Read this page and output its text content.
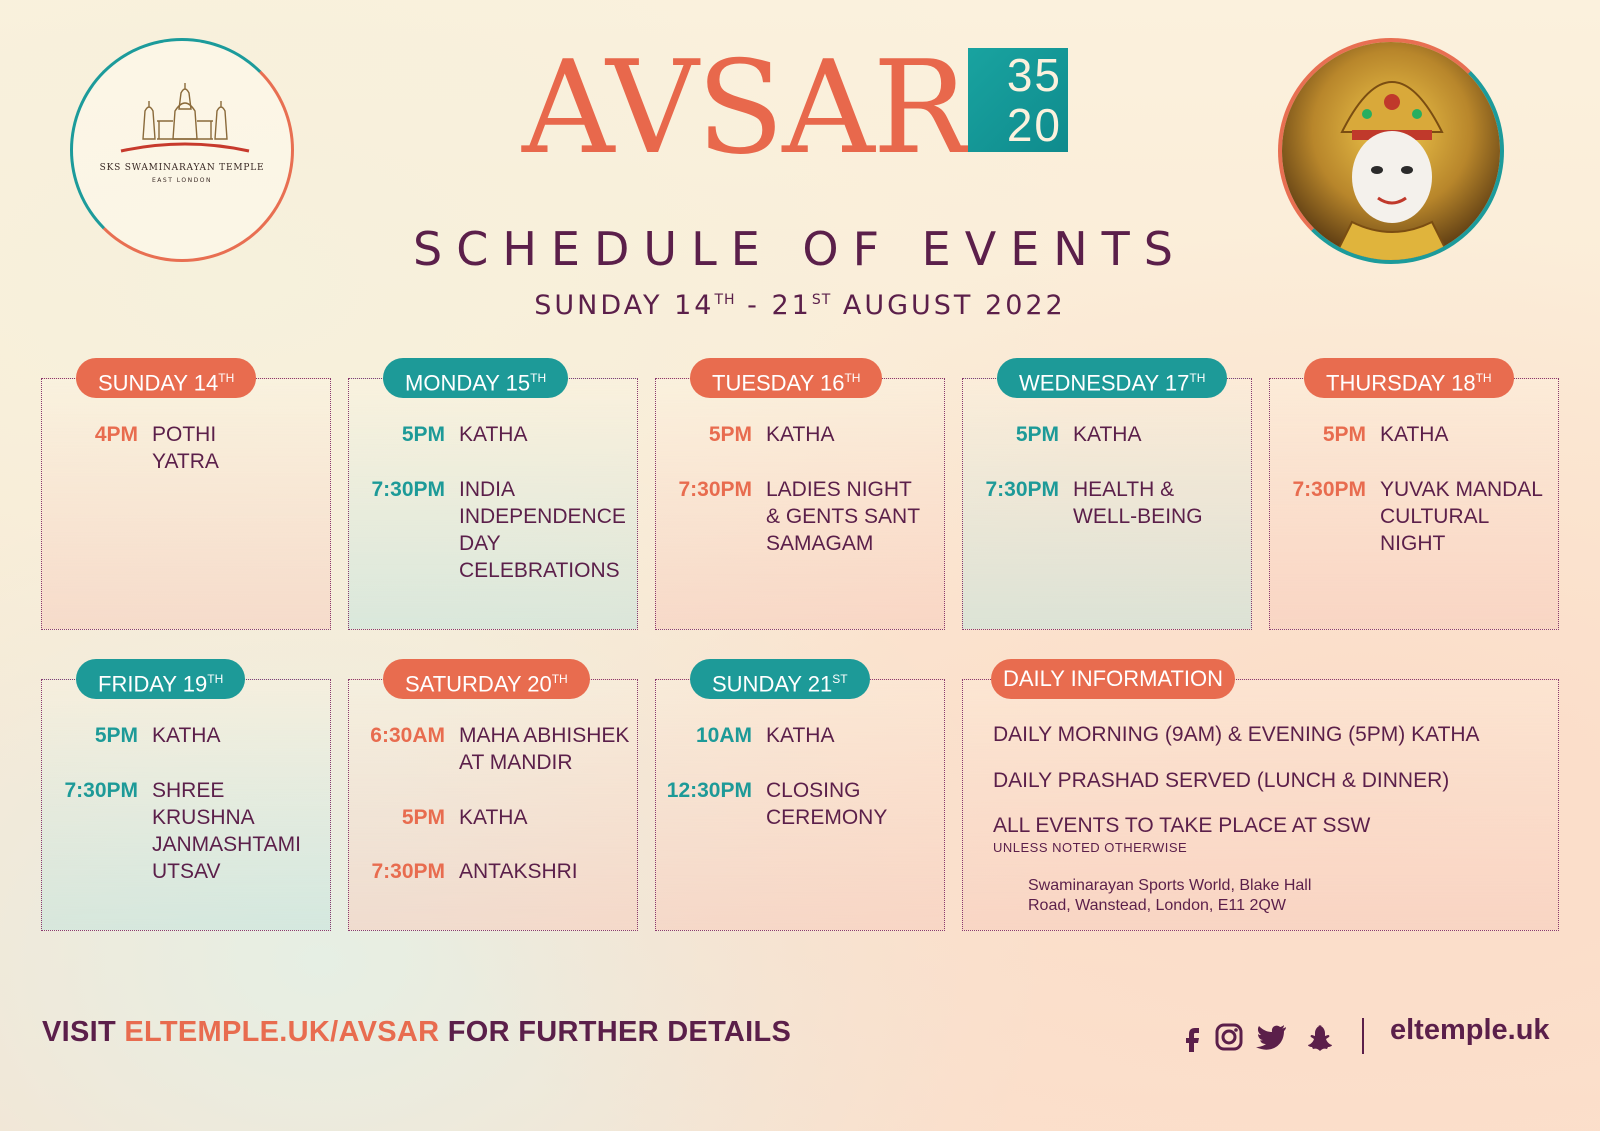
SKS SWAMINARAYAN TEMPLE
EAST LONDON	AVSAR 35
20
SCHEDULE OF EVENTS
SUNDAY 14TH - 21ST AUGUST 2022
SUNDAY 14TH
4PM POTHI
YATRA
MONDAY 15TH
5PM KATHA
7:30PM INDIA
INDEPENDENCE
DAY
CELEBRATIONS
TUESDAY 16TH
5PM KATHA
7:30PM LADIES NIGHT
& GENTS SANT
SAMAGAM
WEDNESDAY 17TH
5PM KATHA
7:30PM HEALTH &
WELL-BEING
THURSDAY 18TH
5PM KATHA
7:30PM YUVAK MANDAL
CULTURAL
NIGHT
FRIDAY 19TH
5PM KATHA
7:30PM SHREE KRUSHNA
JANMASHTAMI
UTSAV
SATURDAY 20TH
6:30AM MAHA ABHISHEK
AT MANDIR
5PM KATHA
7:30PM ANTAKSHRI
SUNDAY 21ST
10AM KATHA
12:30PM CLOSING
CEREMONY
DAILY INFORMATION
DAILY MORNING (9AM) & EVENING (5PM) KATHA
DAILY PRASHAD SERVED (LUNCH & DINNER)
ALL EVENTS TO TAKE PLACE AT SSW
UNLESS NOTED OTHERWISE
Swaminarayan Sports World, Blake Hall
Road, Wanstead, London, E11 2QW
VISIT ELTEMPLE.UK/AVSAR FOR FURTHER DETAILS	eltemple.uk
